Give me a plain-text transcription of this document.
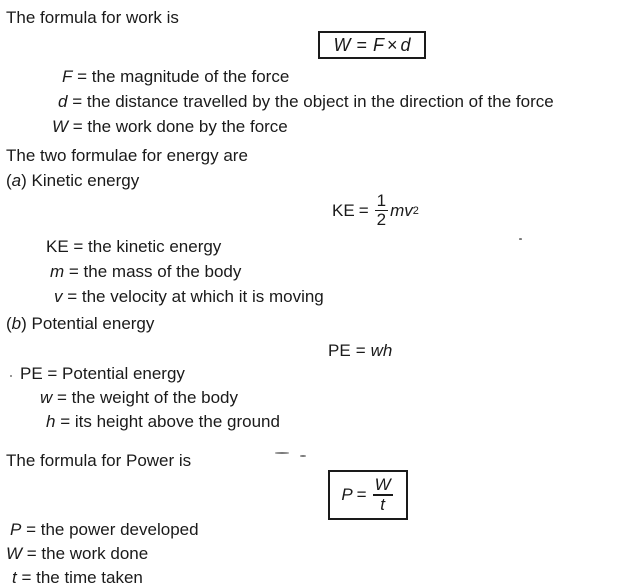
The formula for work is
W = F × d
F = the magnitude of the force
d = the distance travelled by the object in the direction of the force
W = the work done by the force
The two formulae for energy are
(a) Kinetic energy
KE = $\frac{1}{2}$ mv 2
KE = the kinetic energy
m = the mass of the body
v = the velocity at which it is moving
(b) Potential energy
PE = wh
PE = Potential energy
w = the weight of the body
h = its height above the ground
The formula for Power is
$P = \frac{W}{t}$
P = the power developed
W = the work done
t = the time taken
